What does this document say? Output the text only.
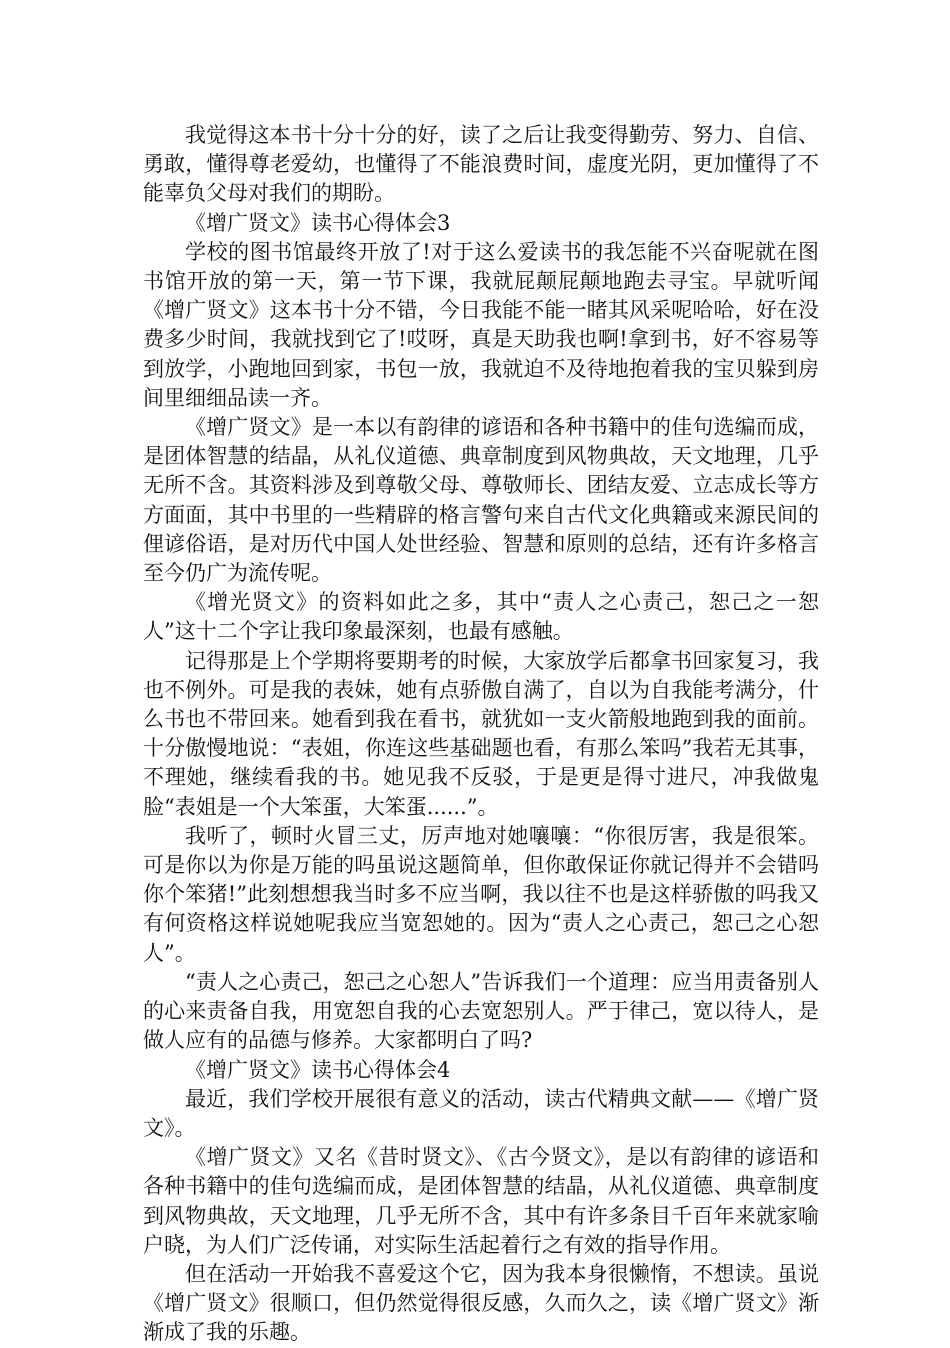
我觉得这本书十分十分的好，读了之后让我变得勤劳、努力、自信、勇敢，懂得尊老爱幼，也懂得了不能浪费时间，虚度光阴，更加懂得了不能辜负父母对我们的期盼。

《增广贤文》读书心得体会3

学校的图书馆最终开放了!对于这么爱读书的我怎能不兴奋呢就在图书馆开放的第一天，第一节下课，我就屁颠屁颠地跑去寻宝。早就听闻《增广贤文》这本书十分不错，今日我能不能一睹其风采呢哈哈，好在没费多少时间，我就找到它了!哎呀，真是天助我也啊!拿到书，好不容易等到放学，小跑地回到家，书包一放，我就迫不及待地抱着我的宝贝躲到房间里细细品读一齐。

《增广贤文》是一本以有韵律的谚语和各种书籍中的佳句选编而成，是团体智慧的结晶，从礼仪道德、典章制度到风物典故，天文地理，几乎无所不含。其资料涉及到尊敬父母、尊敬师长、团结友爱、立志成长等方方面面，其中书里的一些精辟的格言警句来自古代文化典籍或来源民间的俚谚俗语，是对历代中国人处世经验、智慧和原则的总结，还有许多格言至今仍广为流传呢。

《增光贤文》的资料如此之多，其中“责人之心责己，恕己之一恕人”这十二个字让我印象最深刻，也最有感触。

记得那是上个学期将要期考的时候，大家放学后都拿书回家复习，我也不例外。可是我的表妹，她有点骄傲自满了，自以为自我能考满分，什么书也不带回来。她看到我在看书，就犹如一支火箭般地跑到我的面前。十分傲慢地说：“表姐，你连这些基础题也看，有那么笨吗”我若无其事，不理她，继续看我的书。她见我不反驳，于是更是得寸进尺，冲我做鬼脸“表姐是一个大笨蛋，大笨蛋......”。

我听了，顿时火冒三丈，厉声地对她嚷嚷：“你很厉害，我是很笨。可是你以为你是万能的吗虽说这题简单，但你敢保证你就记得并不会错吗你个笨猪!”此刻想想我当时多不应当啊，我以往不也是这样骄傲的吗我又有何资格这样说她呢我应当宽恕她的。因为“责人之心责己，恕己之心恕人”。

“责人之心责己，恕己之心恕人”告诉我们一个道理：应当用责备别人的心来责备自我，用宽恕自我的心去宽恕别人。严于律己，宽以待人，是做人应有的品德与修养。大家都明白了吗?

《增广贤文》读书心得体会4

最近，我们学校开展很有意义的活动，读古代精典文献——《增广贤文》。

《增广贤文》又名《昔时贤文》、《古今贤文》，是以有韵律的谚语和各种书籍中的佳句选编而成，是团体智慧的结晶，从礼仪道德、典章制度到风物典故，天文地理，几乎无所不含，其中有许多条目千百年来就家喻户晓，为人们广泛传诵，对实际生活起着行之有效的指导作用。

但在活动一开始我不喜爱这个它，因为我本身很懒惰，不想读。虽说《增广贤文》很顺口，但仍然觉得很反感，久而久之，读《增广贤文》渐渐成了我的乐趣。
